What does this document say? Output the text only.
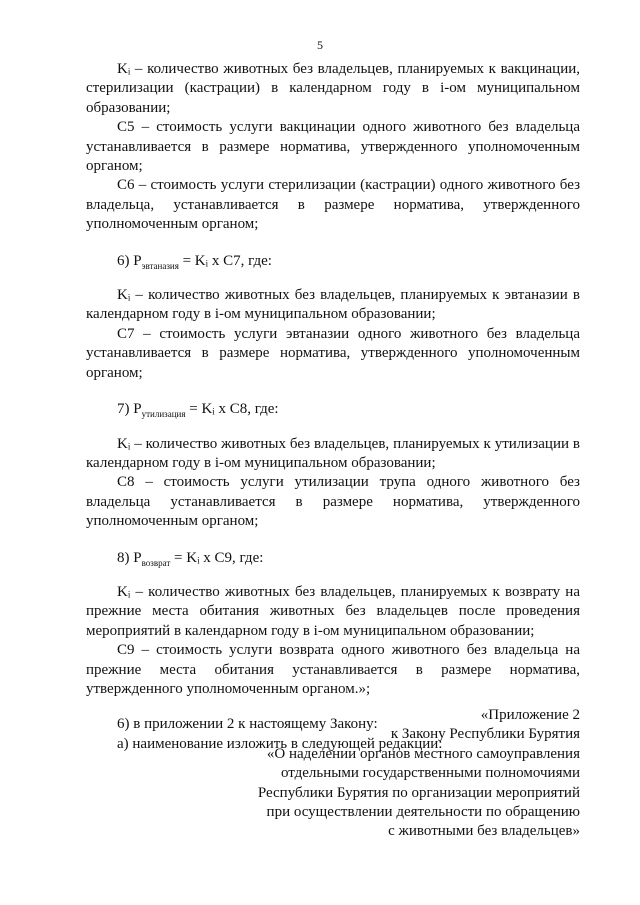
5

Kᵢ – количество животных без владельцев, планируемых к вакцинации, стерилизации (кастрации) в календарном году в i-ом муниципальном образовании;

C5 – стоимость услуги вакцинации одного животного без владельца устанавливается в размере норматива, утвержденного уполномоченным органом;

C6 – стоимость услуги стерилизации (кастрации) одного животного без владельца, устанавливается в размере норматива, утвержденного уполномоченным органом;

6) $P_{эвтаназия}$ = Kᵢ x C7, где:

Kᵢ – количество животных без владельцев, планируемых к эвтаназии в календарном году в i-ом муниципальном образовании;

C7 – стоимость услуги эвтаназии одного животного без владельца устанавливается в размере норматива, утвержденного уполномоченным органом;

7) $P_{утилизация}$ = Kᵢ x C8, где:

Kᵢ – количество животных без владельцев, планируемых к утилизации в календарном году в i-ом муниципальном образовании;

C8 – стоимость услуги утилизации трупа одного животного без владельца устанавливается в размере норматива, утвержденного уполномоченным органом;

8) $P_{возврат}$ = Kᵢ x C9, где:

Kᵢ – количество животных без владельцев, планируемых к возврату на прежние места обитания животных без владельцев после проведения мероприятий в календарном году в i-ом муниципальном образовании;

C9 – стоимость услуги возврата одного животного без владельца на прежние места обитания устанавливается в размере норматива, утвержденного уполномоченным органом.»;

6) в приложении 2 к настоящему Закону:

а) наименование изложить в следующей редакции:

«Приложение 2
к Закону Республики Бурятия
«О наделении органов местного самоуправления
отдельными государственными полномочиями
Республики Бурятия по организации мероприятий
при осуществлении деятельности по обращению
с животными без владельцев»
